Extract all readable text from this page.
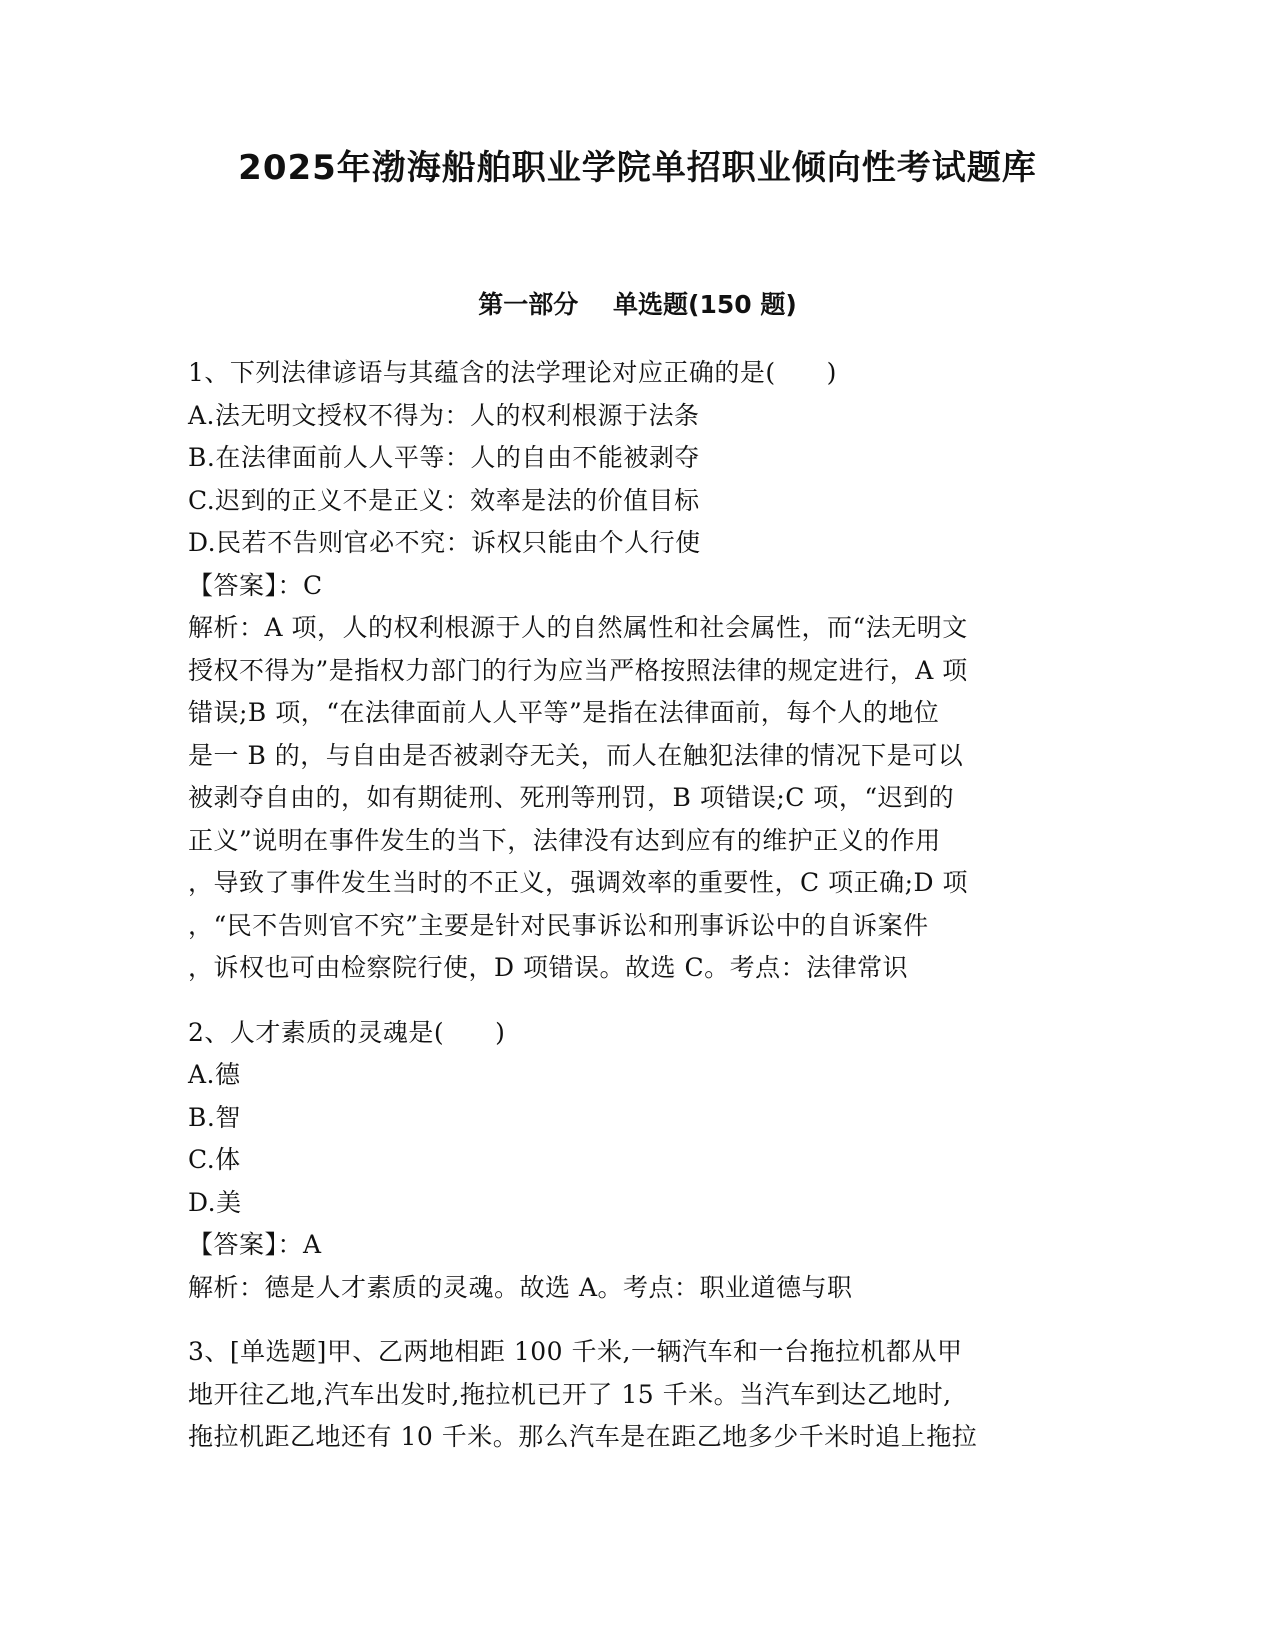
2025年渤海船舶职业学院单招职业倾向性考试题库
第一部分    单选题(150 题)
1、下列法律谚语与其蕴含的法学理论对应正确的是(　　)
A.法无明文授权不得为：人的权利根源于法条
B.在法律面前人人平等：人的自由不能被剥夺
C.迟到的正义不是正义：效率是法的价值目标
D.民若不告则官必不究：诉权只能由个人行使
【答案】：C
解析：A 项，人的权利根源于人的自然属性和社会属性，而“法无明文
授权不得为”是指权力部门的行为应当严格按照法律的规定进行，A 项
错误;B 项，“在法律面前人人平等”是指在法律面前，每个人的地位
是一 B 的，与自由是否被剥夺无关，而人在触犯法律的情况下是可以
被剥夺自由的，如有期徒刑、死刑等刑罚，B 项错误;C 项，“迟到的
正义”说明在事件发生的当下，法律没有达到应有的维护正义的作用
，导致了事件发生当时的不正义，强调效率的重要性，C 项正确;D 项
，“民不告则官不究”主要是针对民事诉讼和刑事诉讼中的自诉案件
，诉权也可由检察院行使，D 项错误。故选 C。考点：法律常识
2、人才素质的灵魂是(　　)
A.德
B.智
C.体
D.美
【答案】：A
解析：德是人才素质的灵魂。故选 A。考点：职业道德与职
3、[单选题]甲、乙两地相距 100 千米,一辆汽车和一台拖拉机都从甲
地开往乙地,汽车出发时,拖拉机已开了 15 千米。当汽车到达乙地时,
拖拉机距乙地还有 10 千米。那么汽车是在距乙地多少千米时追上拖拉
